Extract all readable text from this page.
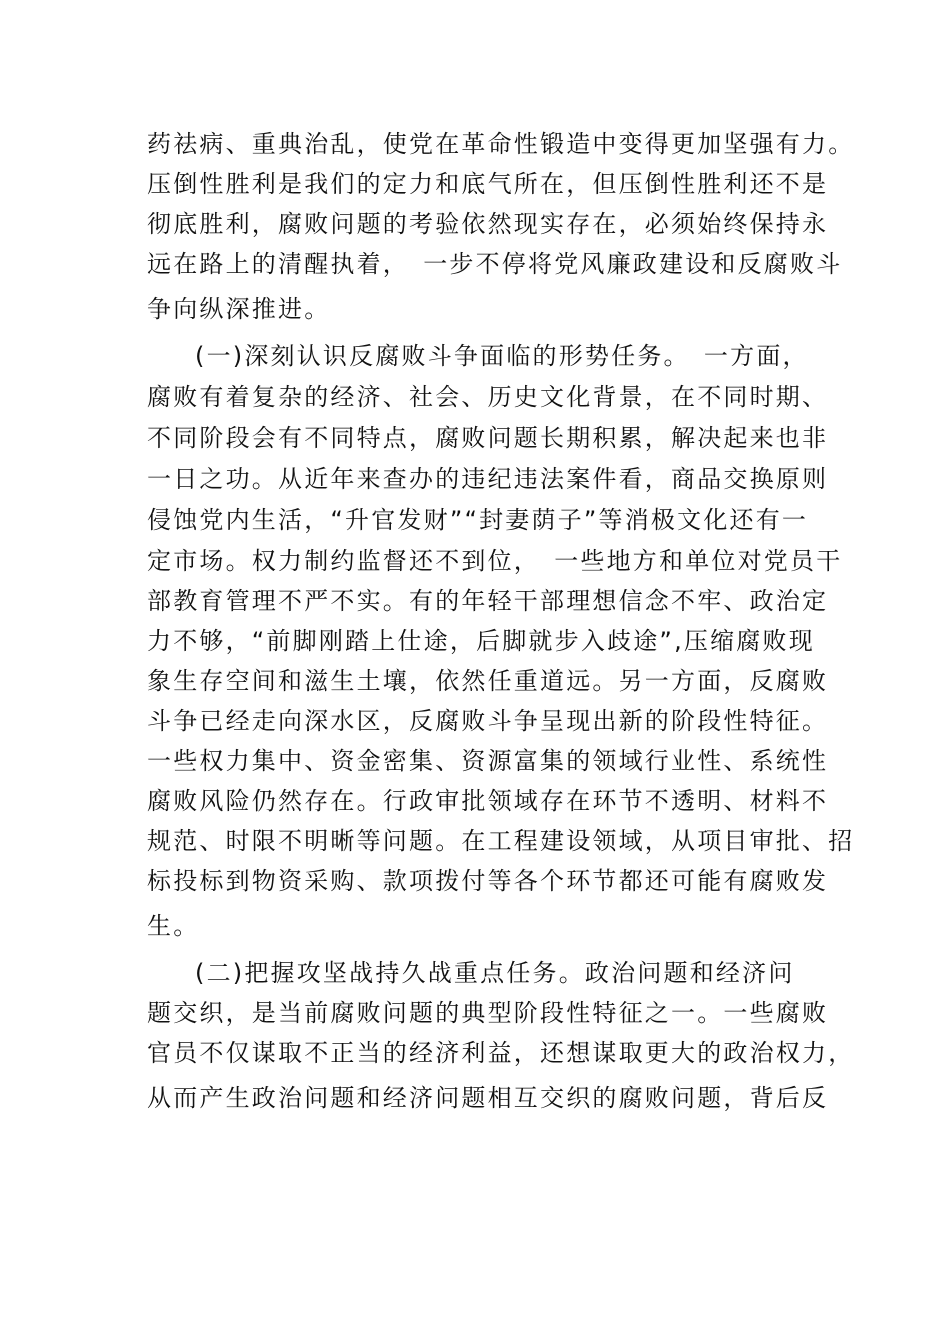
药祛病、重典治乱，使党在革命性锻造中变得更加坚强有力。
压倒性胜利是我们的定力和底气所在，但压倒性胜利还不是
彻底胜利，腐败问题的考验依然现实存在，必须始终保持永
远在路上的清醒执着，　一步不停将党风廉政建设和反腐败斗
争向纵深推进。
(一)深刻认识反腐败斗争面临的形势任务。　一方面，
腐败有着复杂的经济、社会、历史文化背景，在不同时期、
不同阶段会有不同特点，腐败问题长期积累，解决起来也非
一日之功。从近年来查办的违纪违法案件看，商品交换原则
侵蚀党内生活，“升官发财”“封妻荫子”等消极文化还有一
定市场。权力制约监督还不到位，　一些地方和单位对党员干
部教育管理不严不实。有的年轻干部理想信念不牢、政治定
力不够，“前脚刚踏上仕途，后脚就步入歧途”,压缩腐败现
象生存空间和滋生土壤，依然任重道远。另一方面，反腐败
斗争已经走向深水区，反腐败斗争呈现出新的阶段性特征。
一些权力集中、资金密集、资源富集的领域行业性、系统性
腐败风险仍然存在。行政审批领域存在环节不透明、材料不
规范、时限不明晰等问题。在工程建设领域，从项目审批、招
标投标到物资采购、款项拨付等各个环节都还可能有腐败发
生。
(二)把握攻坚战持久战重点任务。政治问题和经济问
题交织，是当前腐败问题的典型阶段性特征之一。一些腐败
官员不仅谋取不正当的经济利益，还想谋取更大的政治权力，
从而产生政治问题和经济问题相互交织的腐败问题，背后反
